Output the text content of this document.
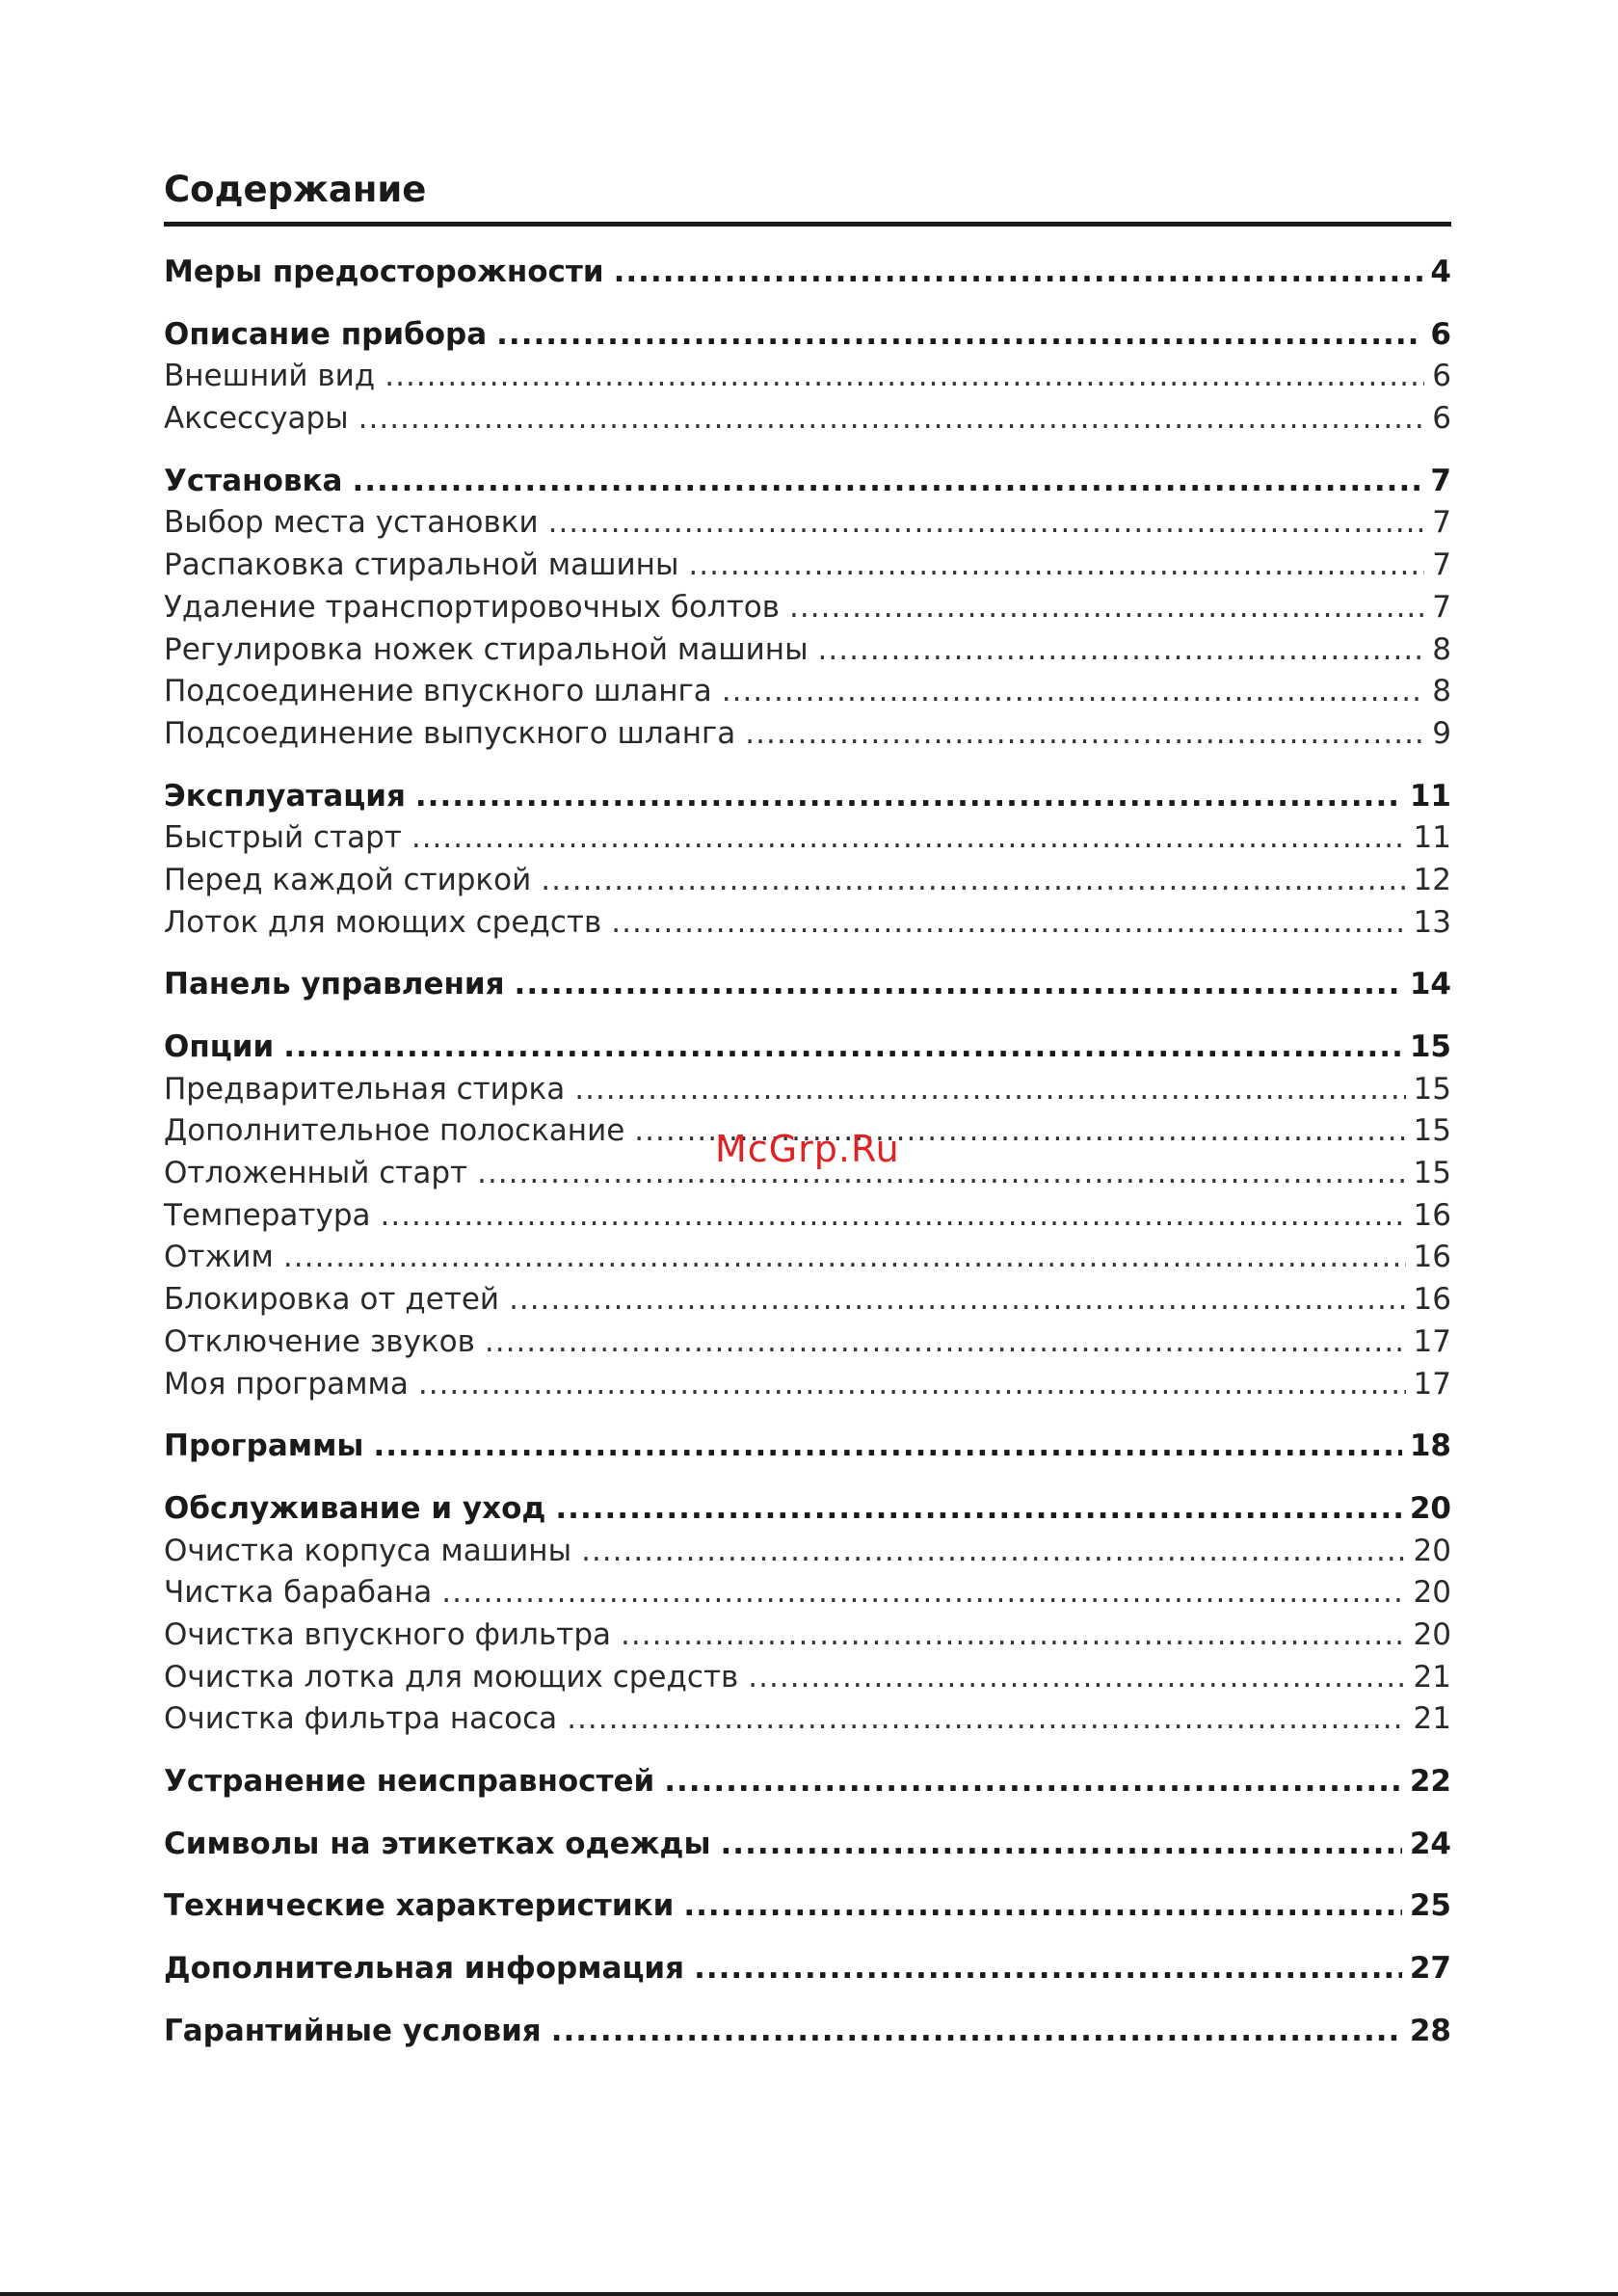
Содержание
Меры предосторожности .....	4
Описание прибора .....	6
Внешний вид .....	6
Аксессуары .....	6
Установка .....	7
Выбор места установки .....	7
Распаковка стиральной машины .....	7
Удаление транспортировочных болтов .....	7
Регулировка ножек стиральной машины .....	8
Подсоединение впускного шланга .....	8
Подсоединение выпускного шланга .....	9
Эксплуатация .....	11
Быстрый старт .....	11
Перед каждой стиркой .....	12
Лоток для моющих средств .....	13
Панель управления .....	14
Опции .....	15
Предварительная стирка .....	15
Дополнительное полоскание .....	15
Отложенный старт .....	15
Температура .....	16
Отжим .....	16
Блокировка от детей .....	16
Отключение звуков .....	17
Моя программа .....	17
Программы .....	18
Обслуживание и уход .....	20
Очистка корпуса машины .....	20
Чистка барабана .....	20
Очистка впускного фильтра .....	20
Очистка лотка для моющих средств .....	21
Очистка фильтра насоса .....	21
Устранение неисправностей .....	22
Символы на этикетках одежды .....	24
Технические характеристики .....	25
Дополнительная информация .....	27
Гарантийные условия .....	28
McGrp.Ru
